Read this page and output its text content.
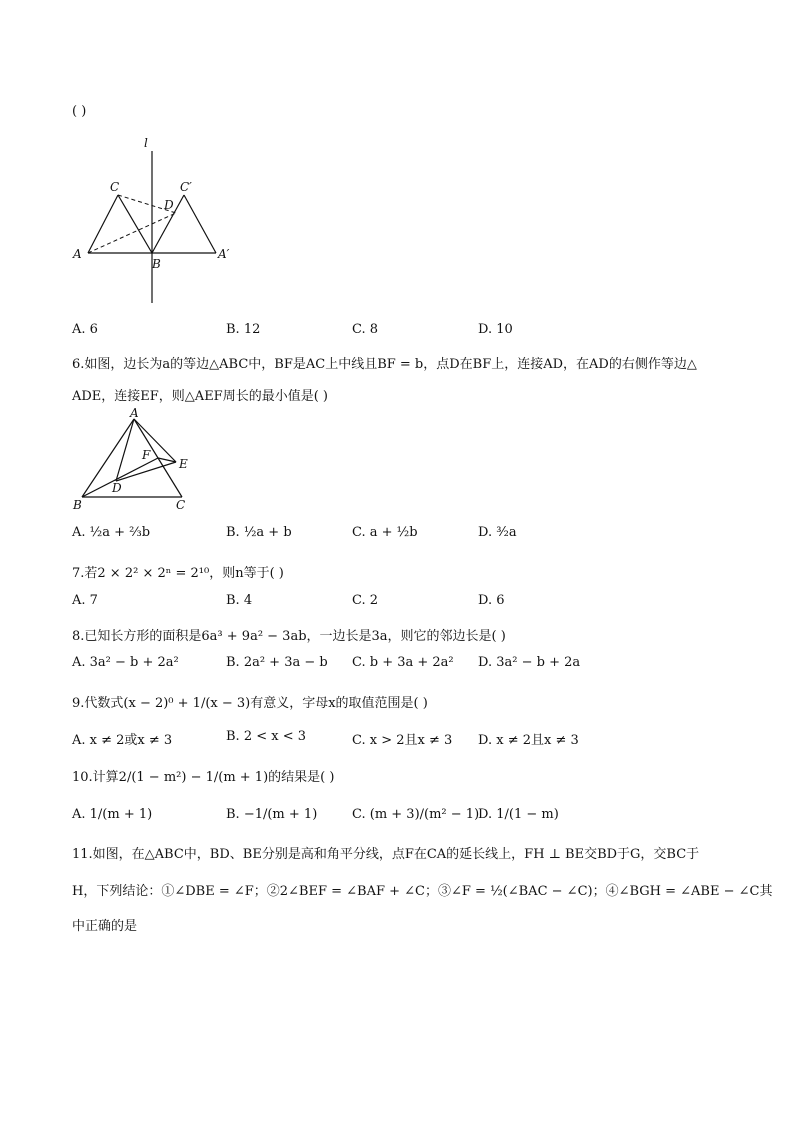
( )
l
C	C′
D
A
B
A′
A. 6	B. 12	C. 8	D. 10
6.如图，边长为a的等边△ABC中，BF是AC上中线且BF = b，点D在BF上，连接AD，在AD的右侧作等边△
ADE，连接EF，则△AEF周长的最小值是( )
A
F
E
D
B	C
A. ½a + ⅔b	B. ½a + b	C. a + ½b	D. ³⁄₂a
7.若2 × 2² × 2ⁿ = 2¹⁰，则n等于( )
A. 7	B. 4	C. 2	D. 6
8.已知长方形的面积是6a³ + 9a² − 3ab，一边长是3a，则它的邻边长是( )
A. 3a² − b + 2a²	B. 2a² + 3a − b C. b + 3a + 2a² D. 3a² − b + 2a
9.代数式(x − 2)⁰ + 1/(x − 3)有意义，字母x的取值范围是( )
A. x ≠ 2或x ≠ 3	B. 2 < x < 3	C. x > 2且x ≠ 3 D. x ≠ 2且x ≠ 3
10.计算2/(1 − m²) − 1/(m + 1)的结果是( )
A. 1/(m + 1)	B. −1/(m + 1)	C. (m + 3)/(m² − 1)
D. 1/(1 − m)
11.如图，在△ABC中，BD、BE分别是高和角平分线，点F在CA的延长线上，FH ⊥ BE交BD于G，交BC于
H，下列结论：①∠DBE = ∠F；②2∠BEF = ∠BAF + ∠C；③∠F = ½(∠BAC − ∠C)；④∠BGH = ∠ABE − ∠C其
中正确的是
